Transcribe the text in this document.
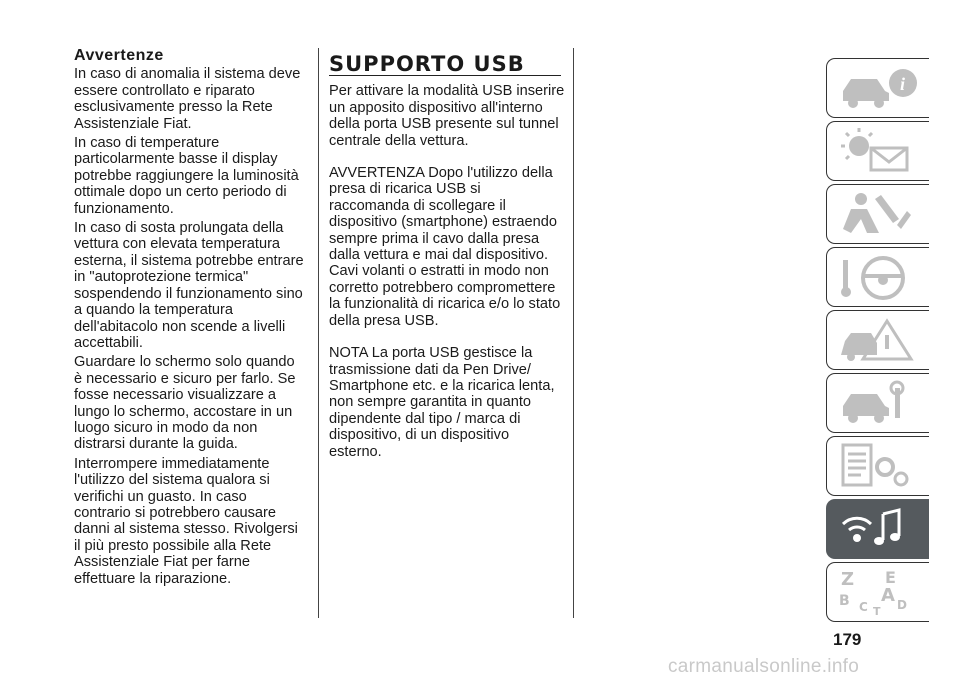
Avvertenze

In caso di anomalia il sistema deve essere controllato e riparato esclusivamente presso la Rete Assistenziale Fiat.

In caso di temperature particolarmente basse il display potrebbe raggiungere la luminosità ottimale dopo un certo periodo di funzionamento.

In caso di sosta prolungata della vettura con elevata temperatura esterna, il sistema potrebbe entrare in "autoprotezione termica" sospendendo il funzionamento sino a quando la temperatura dell'abitacolo non scende a livelli accettabili.

Guardare lo schermo solo quando è necessario e sicuro per farlo. Se fosse necessario visualizzare a lungo lo schermo, accostare in un luogo sicuro in modo da non distrarsi durante la guida.

Interrompere immediatamente l'utilizzo del sistema qualora si verifichi un guasto. In caso contrario si potrebbero causare danni al sistema stesso. Rivolgersi il più presto possibile alla Rete Assistenziale Fiat per farne effettuare la riparazione.

SUPPORTO USB

Per attivare la modalità USB inserire un apposito dispositivo all'interno della porta USB presente sul tunnel centrale della vettura.

AVVERTENZA Dopo l'utilizzo della presa di ricarica USB si raccomanda di scollegare il dispositivo (smartphone) estraendo sempre prima il cavo dalla presa dalla vettura e mai dal dispositivo. Cavi volanti o estratti in modo non corretto potrebbero compromettere la funzionalità di ricarica e/o lo stato della presa USB.

NOTA La porta USB gestisce la trasmissione dati da Pen Drive/ Smartphone etc. e la ricarica lenta, non sempre garantita in quanto dipendente dal tipo / marca di dispositivo, di un dispositivo esterno.

i
Z E
B A
C D
T
179
carmanualsonline.info
